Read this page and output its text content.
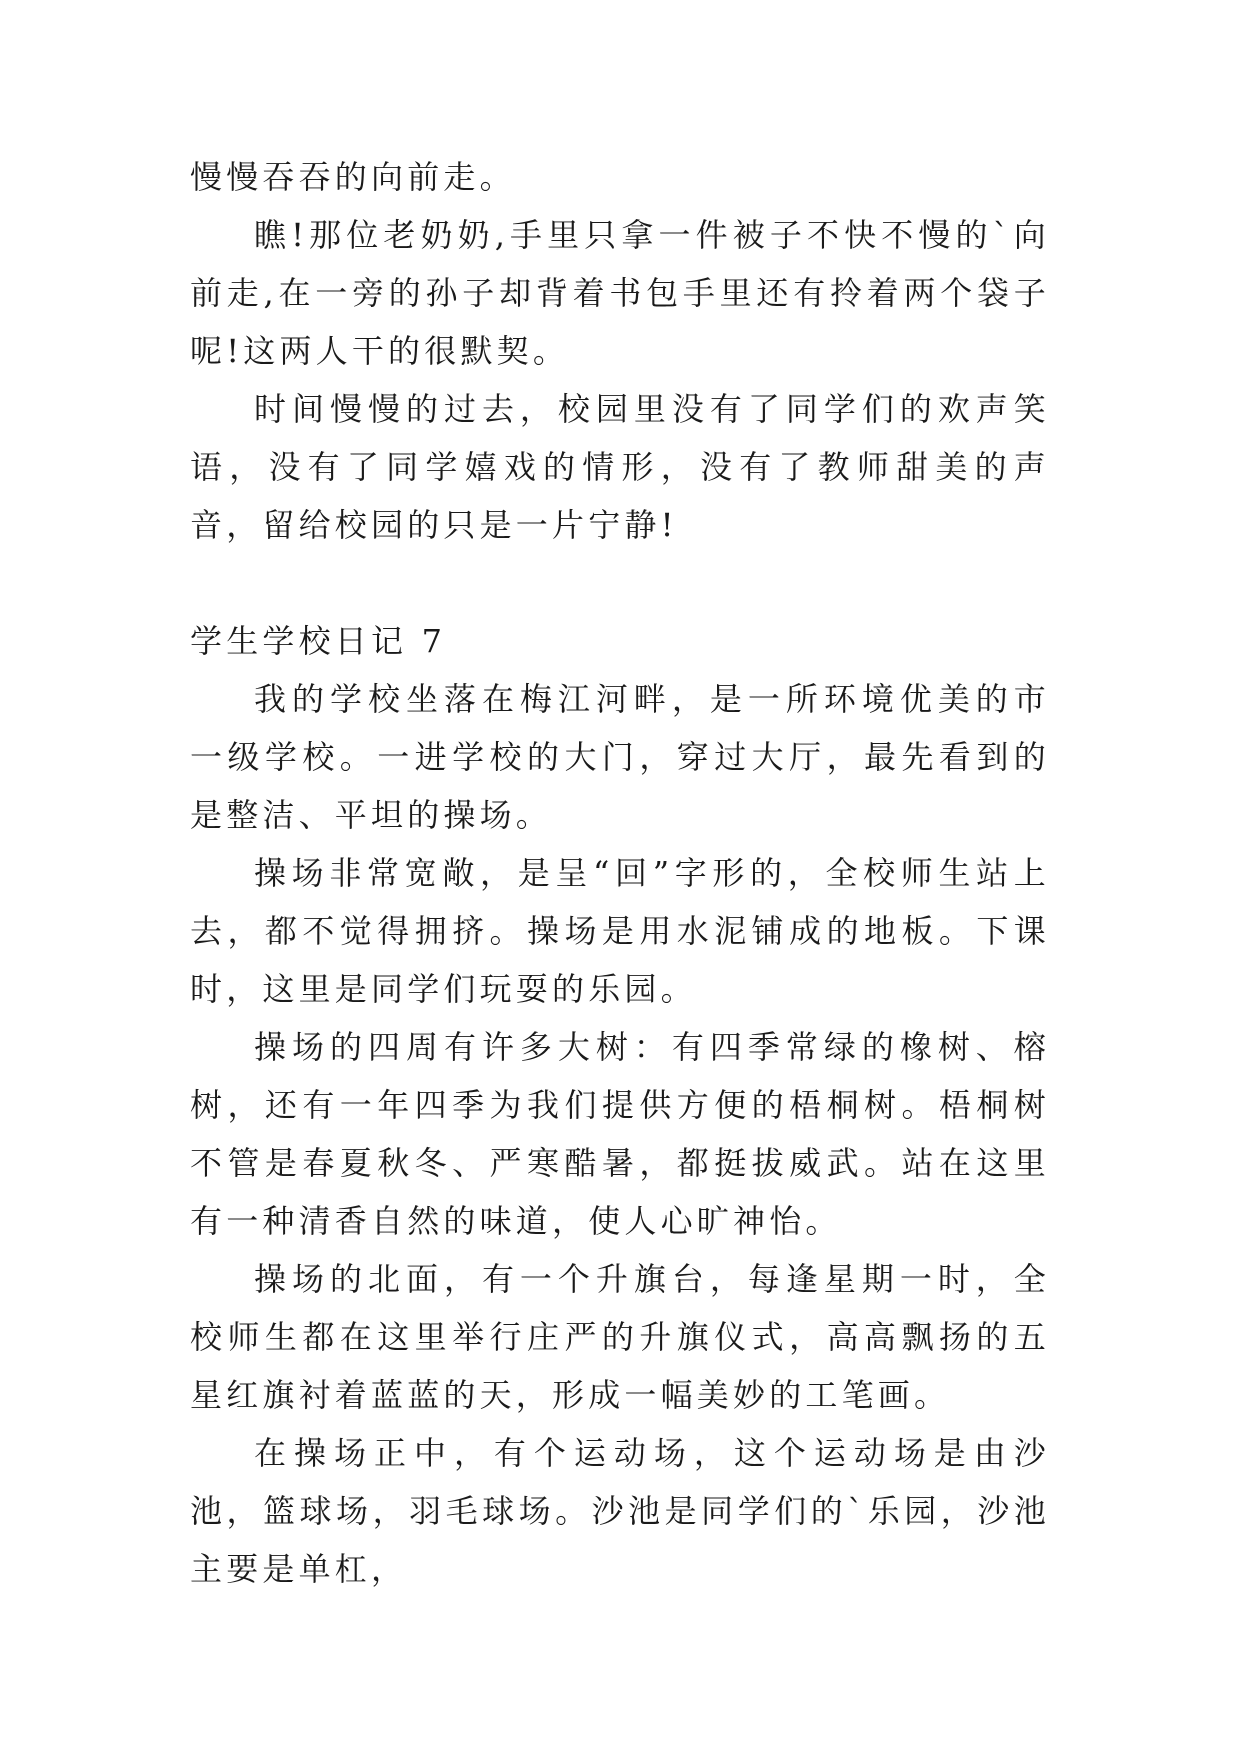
慢慢吞吞的向前走。

瞧!那位老奶奶,手里只拿一件被子不快不慢的`向前走,在一旁的孙子却背着书包手里还有拎着两个袋子呢!这两人干的很默契。

时间慢慢的过去，校园里没有了同学们的欢声笑语，没有了同学嬉戏的情形，没有了教师甜美的声音，留给校园的只是一片宁静!

学生学校日记 7

我的学校坐落在梅江河畔，是一所环境优美的市一级学校。一进学校的大门，穿过大厅，最先看到的是整洁、平坦的操场。

操场非常宽敞，是呈“回”字形的，全校师生站上去，都不觉得拥挤。操场是用水泥铺成的地板。下课时，这里是同学们玩耍的乐园。

操场的四周有许多大树：有四季常绿的橡树、榕树，还有一年四季为我们提供方便的梧桐树。梧桐树不管是春夏秋冬、严寒酷暑，都挺拔威武。站在这里有一种清香自然的味道，使人心旷神怡。

操场的北面，有一个升旗台，每逢星期一时，全校师生都在这里举行庄严的升旗仪式，高高飘扬的五星红旗衬着蓝蓝的天，形成一幅美妙的工笔画。

在操场正中，有个运动场，这个运动场是由沙池，篮球场，羽毛球场。沙池是同学们的`乐园，沙池主要是单杠，
